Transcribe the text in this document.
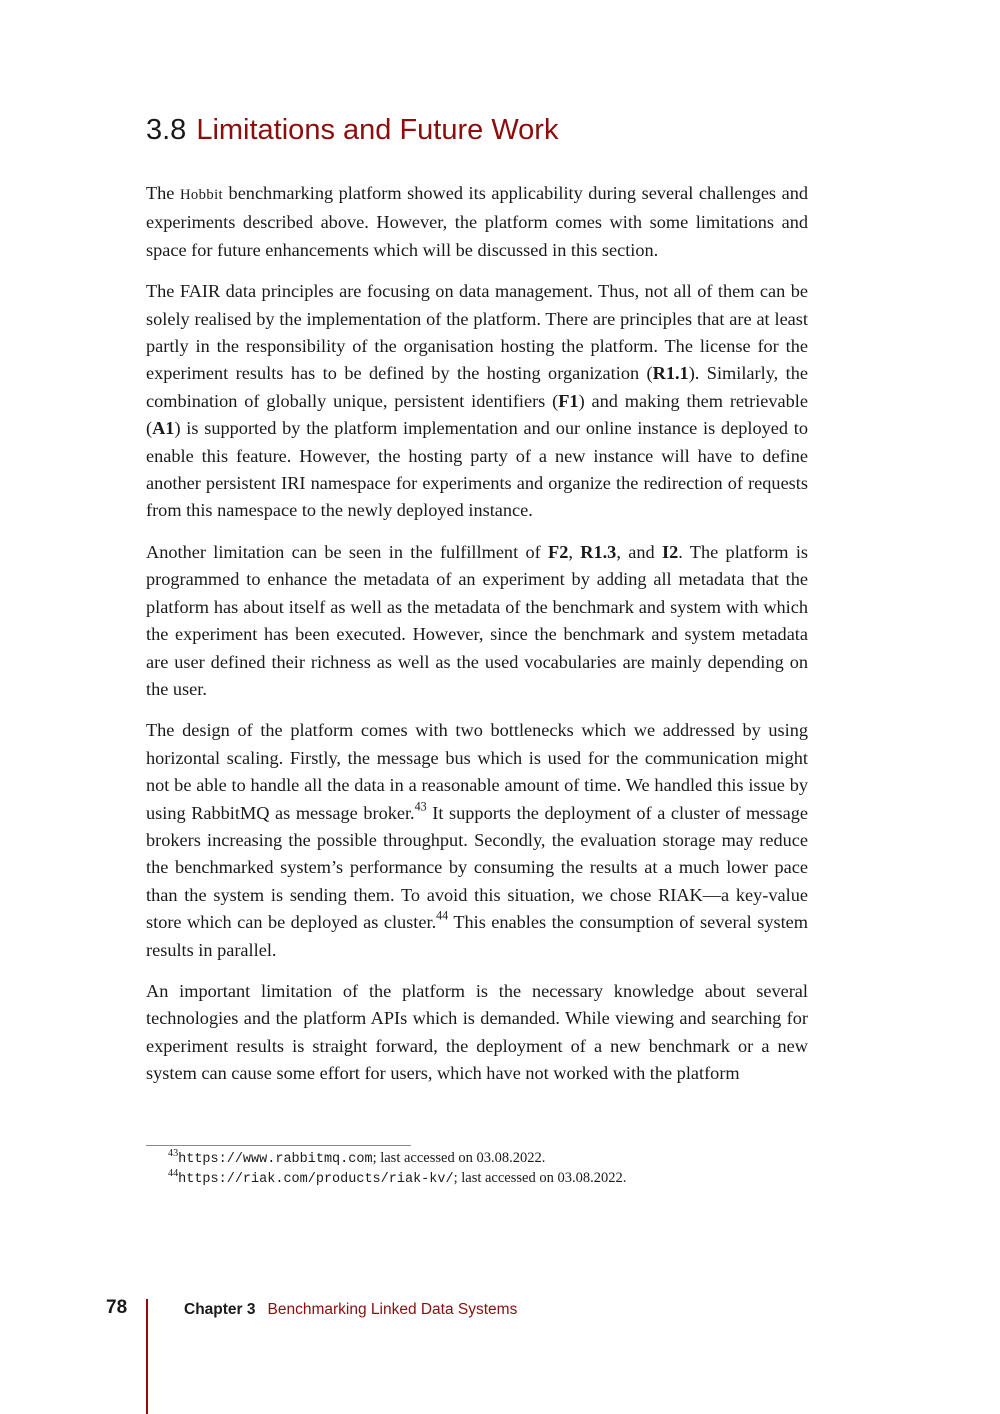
3.8 Limitations and Future Work

The Hobbit benchmarking platform showed its applicability during several challenges and experiments described above. However, the platform comes with some limitations and space for future enhancements which will be discussed in this section.

The FAIR data principles are focusing on data management. Thus, not all of them can be solely realised by the implementation of the platform. There are principles that are at least partly in the responsibility of the organisation hosting the platform. The license for the experiment results has to be defined by the hosting organization (R1.1). Similarly, the combination of globally unique, persistent identifiers (F1) and making them retrievable (A1) is supported by the platform implementation and our online instance is deployed to enable this feature. However, the hosting party of a new instance will have to define another persistent IRI namespace for experiments and organize the redirection of requests from this namespace to the newly deployed instance.

Another limitation can be seen in the fulfillment of F2, R1.3, and I2. The platform is programmed to enhance the metadata of an experiment by adding all metadata that the platform has about itself as well as the metadata of the benchmark and system with which the experiment has been executed. However, since the benchmark and system metadata are user defined their richness as well as the used vocabularies are mainly depending on the user.

The design of the platform comes with two bottlenecks which we addressed by using horizontal scaling. Firstly, the message bus which is used for the communication might not be able to handle all the data in a reasonable amount of time. We handled this issue by using RabbitMQ as message broker.$^{43}$ It supports the deployment of a cluster of message brokers increasing the possible throughput. Secondly, the evaluation storage may reduce the benchmarked system’s performance by consuming the results at a much lower pace than the system is sending them. To avoid this situation, we chose RIAK—a key-value store which can be deployed as cluster.$^{44}$ This enables the consumption of several system results in parallel.

An important limitation of the platform is the necessary knowledge about several technologies and the platform APIs which is demanded. While viewing and searching for experiment results is straight forward, the deployment of a new benchmark or a new system can cause some effort for users, which have not worked with the platform

$^{43}$https://www.rabbitmq.com; last accessed on 03.08.2022.
$^{44}$https://riak.com/products/riak-kv/; last accessed on 03.08.2022.
78	Chapter 3 Benchmarking Linked Data Systems
